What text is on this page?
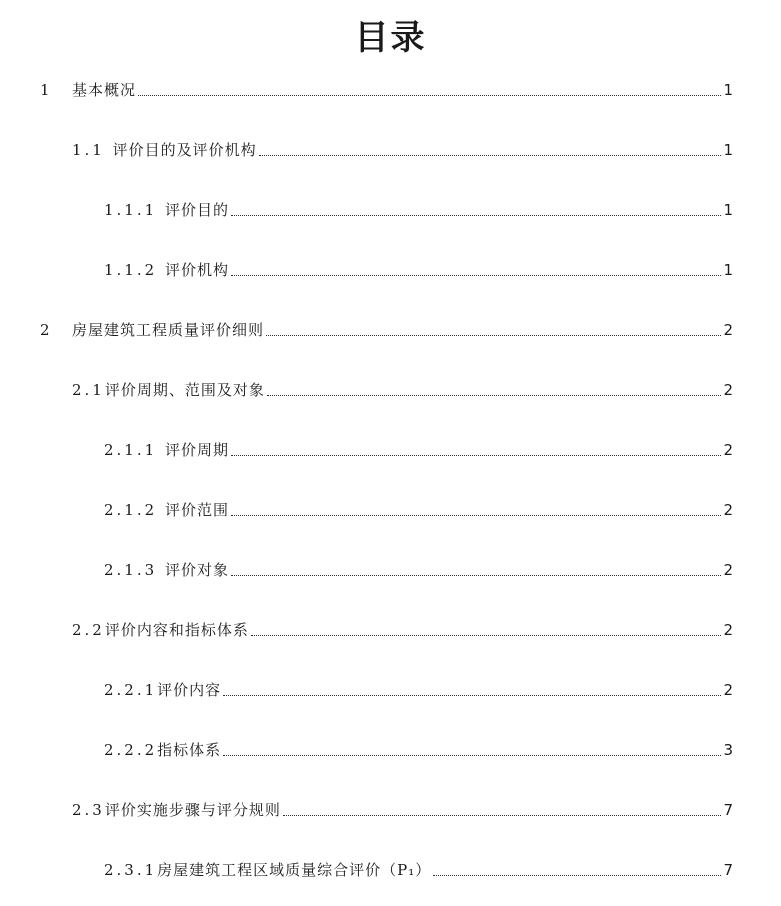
目录
1	基本概况	1
1.1 评价目的及评价机构	1
1.1.1 评价目的	1
1.1.2 评价机构	1
2	房屋建筑工程质量评价细则	2
2.1 评价周期、范围及对象	2
2.1.1 评价周期	2
2.1.2 评价范围	2
2.1.3 评价对象	2
2.2 评价内容和指标体系	2
2.2.1 评价内容	2
2.2.2 指标体系	3
2.3 评价实施步骤与评分规则	7
2.3.1 房屋建筑工程区域质量综合评价（P₁）	7
